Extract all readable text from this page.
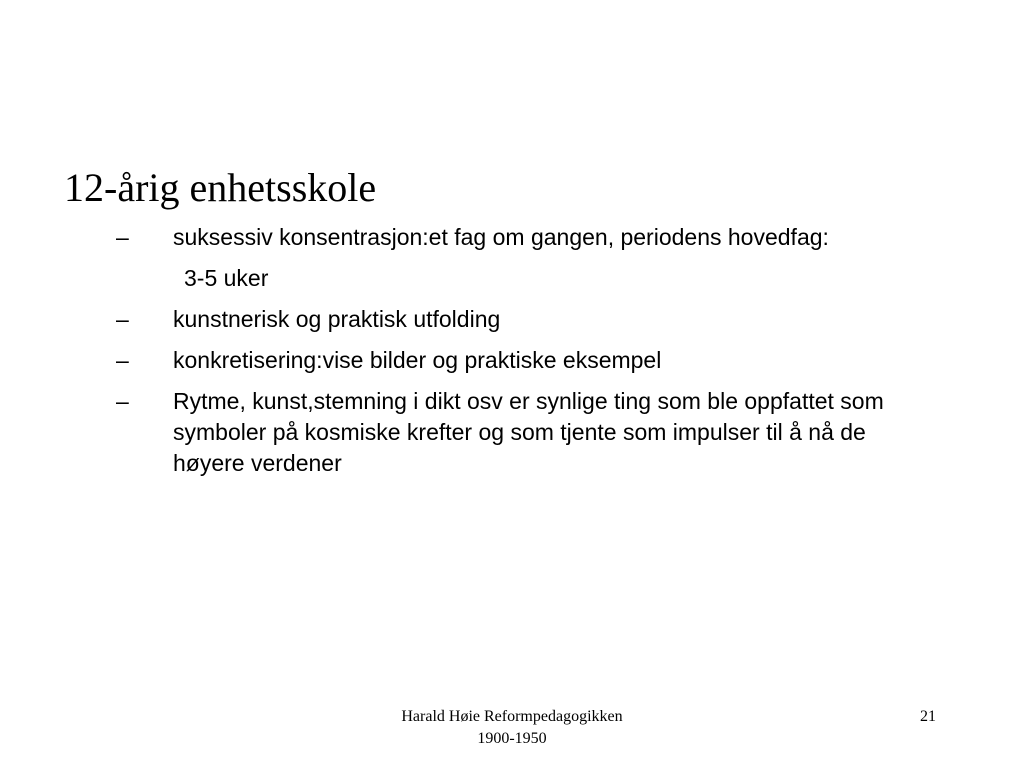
12-årig enhetsskole
– suksessiv konsentrasjon:et fag om gangen, periodens hovedfag:
3-5 uker
– kunstnerisk og praktisk utfolding
– konkretisering:vise bilder og praktiske eksempel
– Rytme, kunst,stemning i dikt osv er synlige ting som ble oppfattet som symboler på kosmiske krefter og som tjente som impulser til å nå de høyere verdener
Harald Høie Reformpedagogikken
1900-1950
21
